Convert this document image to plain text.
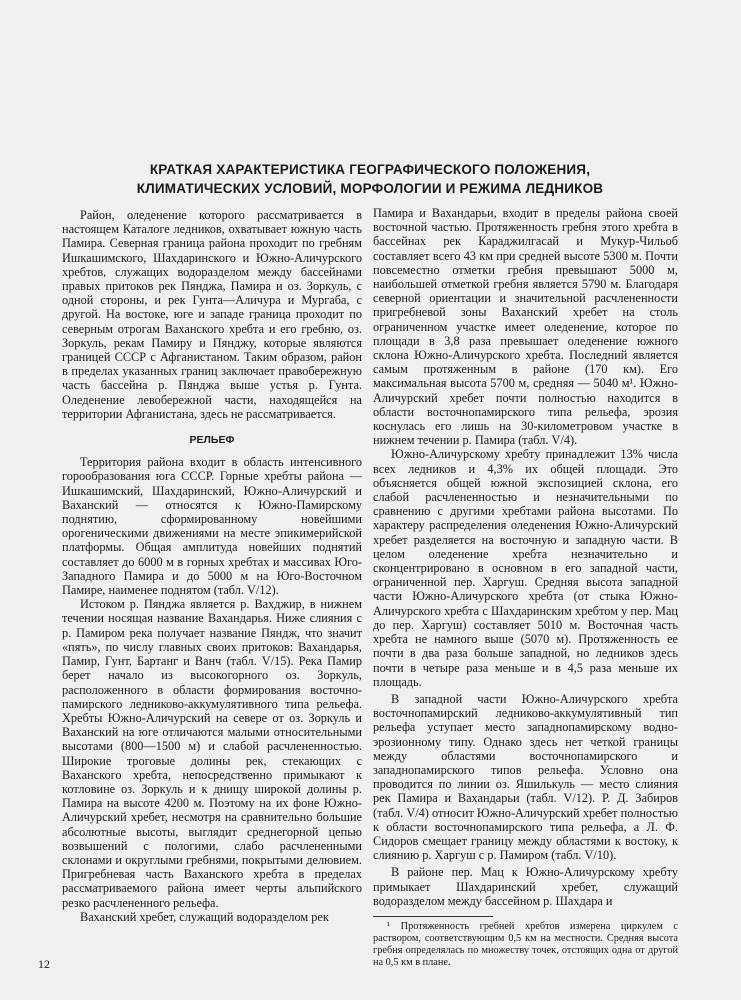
КРАТКАЯ ХАРАКТЕРИСТИКА ГЕОГРАФИЧЕСКОГО ПОЛОЖЕНИЯ,
КЛИМАТИЧЕСКИХ УСЛОВИЙ, МОРФОЛОГИИ И РЕЖИМА ЛЕДНИКОВ

Район, оледенение которого рассматривается в настоящем Каталоге ледников, охватывает южную часть Памира. Северная граница района проходит по гребням Ишкашимского, Шахдаринского и Южно-Аличурского хребтов, служащих водоразделом между бассейнами правых притоков рек Пянджа, Памира и оз. Зоркуль, с одной стороны, и рек Гунта—Аличура и Мургаба, с другой. На востоке, юге и западе граница проходит по северным отрогам Ваханского хребта и его гребню, оз. Зоркуль, рекам Памиру и Пянджу, которые являются границей СССР с Афганистаном. Таким образом, район в пределах указанных границ заключает правобережную часть бассейна р. Пянджа выше устья р. Гунта. Оледенение левобережной части, находящейся на территории Афганистана, здесь не рассматривается.

РЕЛЬЕФ

Территория района входит в область интенсивного горообразования юга СССР. Горные хребты района — Ишкашимский, Шахдаринский, Южно-Аличурский и Ваханский — относятся к Южно-Памирскому поднятию, сформированному новейшими орогеническими движениями на месте эпикимерийской платформы. Общая амплитуда новейших поднятий составляет до 6000 м в горных хребтах и массивах Юго-Западного Памира и до 5000 м на Юго-Восточном Памире, наименее поднятом (табл. V/12).

Истоком р. Пянджа является р. Ваxджир, в нижнем течении носящая название Вахандарья. Ниже слияния с р. Памиром река получает название Пяндж, что значит «пять», по числу главных своих притоков: Вахандарья, Памир, Гунт, Бартанг и Ванч (табл. V/15). Река Памир берет начало из высокогорного оз. Зоркуль, расположенного в области формирования восточно-памирского ледниково-аккумулятивного типа рельефа. Хребты Южно-Аличурский на севере от оз. Зоркуль и Ваханский на юге отличаются малыми относительными высотами (800—1500 м) и слабой расчлененностью. Широкие троговые долины рек, стекающих с Ваханского хребта, непосредственно примыкают к котловине оз. Зоркуль и к днищу широкой долины р. Памира на высоте 4200 м. Поэтому на их фоне Южно-Аличурский хребет, несмотря на сравнительно большие абсолютные высоты, выглядит среднегорной цепью возвышений с пологими, слабо расчлененными склонами и округлыми гребнями, покрытыми делювием. Пригребневая часть Ваханского хребта в пределах рассматриваемого района имеет черты альпийского резко расчлененного рельефа.

Ваханский хребет, служащий водоразделом рек

Памира и Вахандарьи, входит в пределы района своей восточной частью. Протяженность гребня этого хребта в бассейнах рек Караджилгасай и Мукур-Чильоб составляет всего 43 км при средней высоте 5300 м. Почти повсеместно отметки гребня превышают 5000 м, наибольшей отметкой гребня является 5790 м. Благодаря северной ориентации и значительной расчлененности пригребневой зоны Ваханский хребет на столь ограниченном участке имеет оледенение, которое по площади в 3,8 раза превышает оледенение южного склона Южно-Аличурского хребта. Последний является самым протяженным в районе (170 км). Его максимальная высота 5700 м, средняя — 5040 м¹. Южно-Аличурский хребет почти полностью находится в области восточнопамирского типа рельефа, эрозия коснулась его лишь на 30-километровом участке в нижнем течении р. Памира (табл. V/4).

Южно-Аличурскому хребту принадлежит 13% числа всех ледников и 4,3% их общей площади. Это объясняется общей южной экспозицией склона, его слабой расчлененностью и незначительными по сравнению с другими хребтами района высотами. По характеру распределения оледенения Южно-Аличурский хребет разделяется на восточную и западную части. В целом оледенение хребта незначительно и сконцентрировано в основном в его западной части, ограниченной пер. Харгуш. Средняя высота западной части Южно-Аличурского хребта (от стыка Южно-Аличурского хребта с Шахдаринским хребтом у пер. Мац до пер. Харгуш) составляет 5010 м. Восточная часть хребта не намного выше (5070 м). Протяженность ее почти в два раза больше западной, но ледников здесь почти в четыре раза меньше и в 4,5 раза меньше их площадь.

В западной части Южно-Аличурского хребта восточнопамирский ледниково-аккумулятивный тип рельефа уступает место западнопамирскому водно-эрозионному типу. Однако здесь нет четкой границы между областями восточнопамирского и западнопамирского типов рельефа. Условно она проводится по линии оз. Яшилькуль — место слияния рек Памира и Вахандарьи (табл. V/12). Р. Д. Забиров (табл. V/4) относит Южно-Аличурский хребет полностью к области восточнопамирского типа рельефа, а Л. Ф. Сидоров смещает границу между областями к востоку, к слиянию р. Харгуш с р. Памиром (табл. V/10).

В районе пер. Мац к Южно-Аличурскому хребту примыкает Шахдаринский хребет, служащий водоразделом между бассейном р. Шахдара и

¹ Протяженность гребней хребтов измерена циркулем с раствором, соответствующим 0,5 км на местности. Средняя высота гребня определялась по множеству точек, отстоящих одна от другой на 0,5 км в плане.

12
